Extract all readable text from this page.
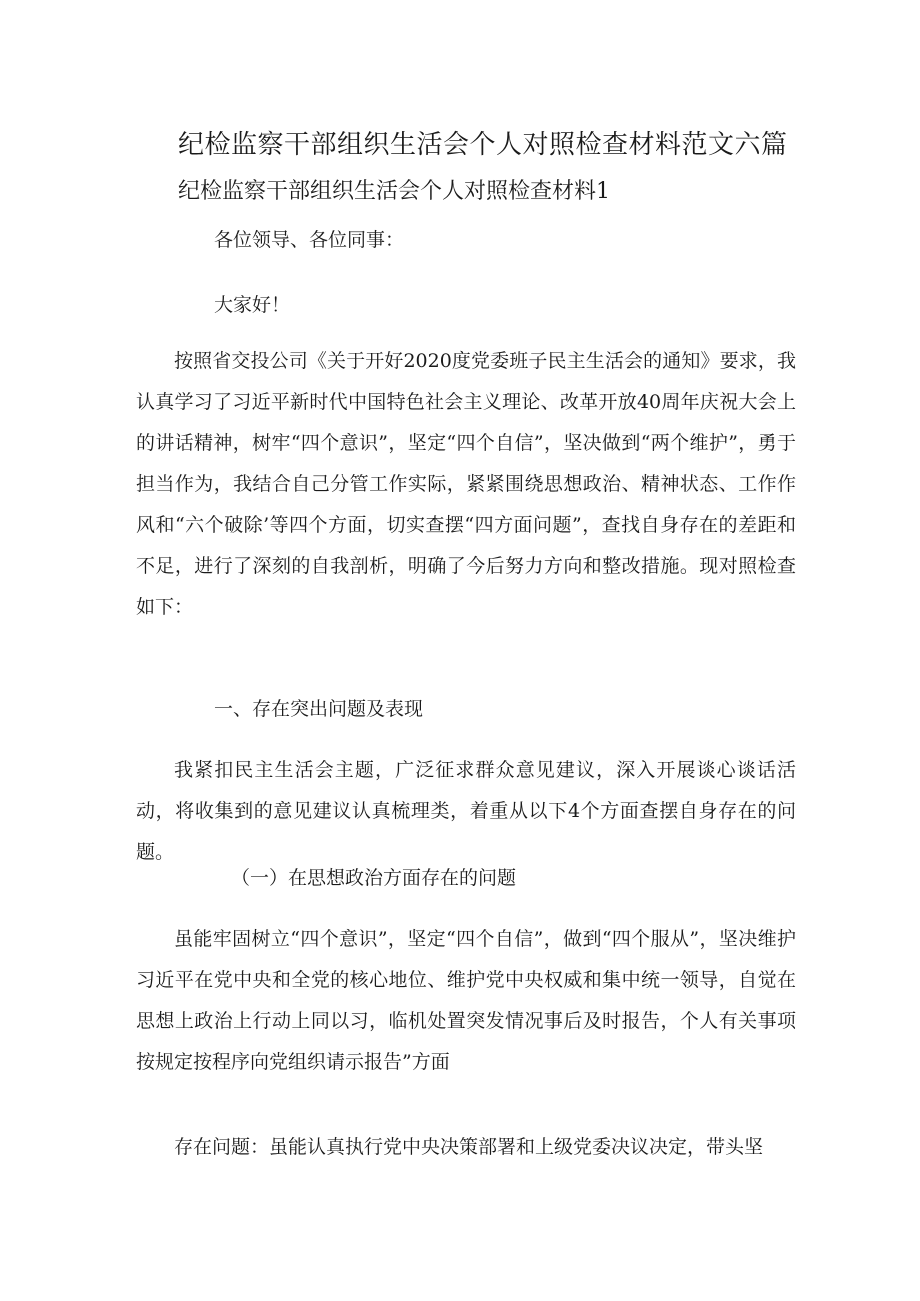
纪检监察干部组织生活会个人对照检查材料范文六篇
纪检监察干部组织生活会个人对照检查材料1

各位领导、各位同事：

大家好！

按照省交投公司《关于开好2020度党委班子民主生活会的通知》要求，我认真学习了习近平新时代中国特色社会主义理论、改革开放40周年庆祝大会上的讲话精神，树牢“四个意识”，坚定“四个自信”，坚决做到“两个维护”，勇于担当作为，我结合自己分管工作实际，紧紧围绕思想政治、精神状态、工作作风和“六个破除’等四个方面，切实查摆“四方面问题”，查找自身存在的差距和不足，进行了深刻的自我剖析，明确了今后努力方向和整改措施。现对照检查如下：

一、存在突出问题及表现

我紧扣民主生活会主题，广泛征求群众意见建议，深入开展谈心谈话活动，将收集到的意见建议认真梳理类，着重从以下4个方面查摆自身存在的问题。

（一）在思想政治方面存在的问题

虽能牢固树立“四个意识”，坚定“四个自信”，做到“四个服从”，坚决维护习近平在党中央和全党的核心地位、维护党中央权威和集中统一领导，自觉在思想上政治上行动上同以习，临机处置突发情况事后及时报告，个人有关事项按规定按程序向党组织请示报告”方面

存在问题：虽能认真执行党中央决策部署和上级党委决议决定，带头坚
